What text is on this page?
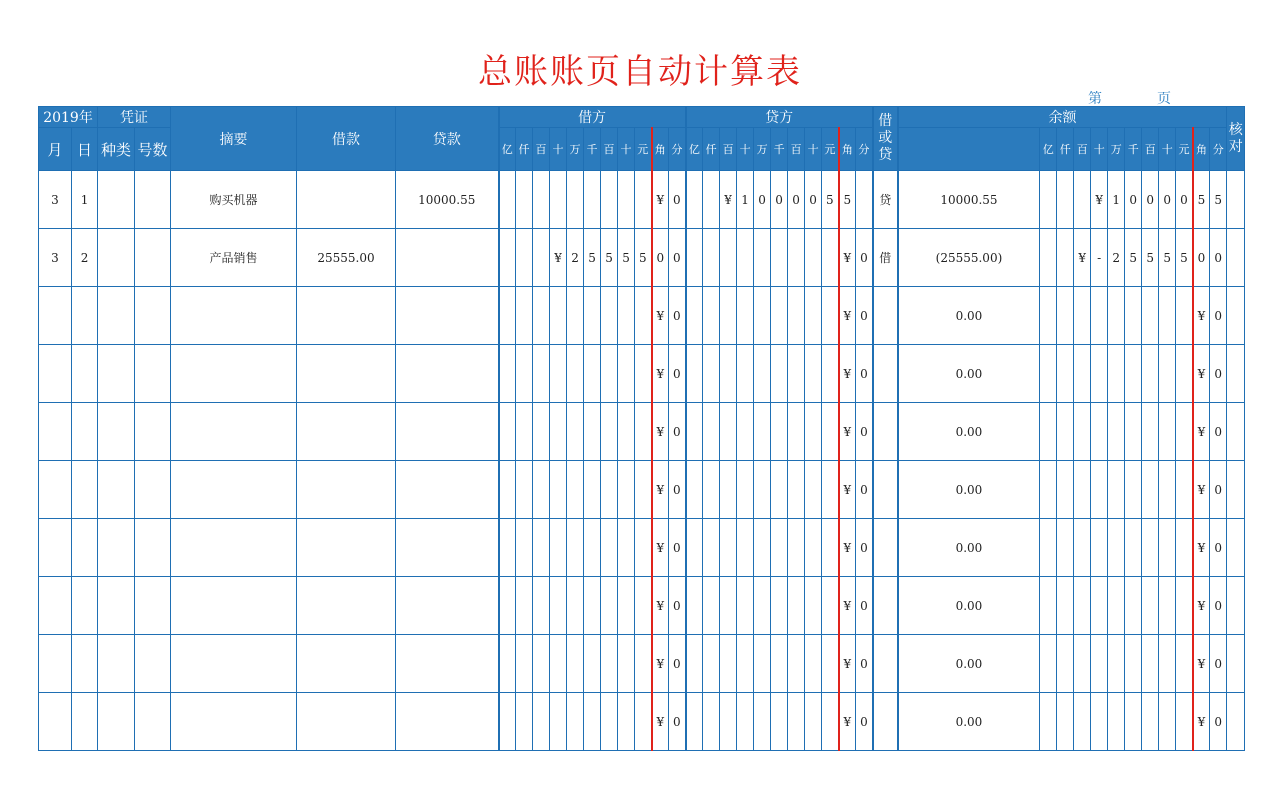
总账账页自动计算表
第	页
2019年		凭证		摘要	借款	贷款	借方											贷方											借或贷	余额												核对
月	日	种类	号数				亿	仟	百	十	万	千	百	十	元	角	分	亿	仟	百	十	万	千	百	十	元	角	分			亿	仟	百	十	万	千	百	十	元	角	分	
3	1			购买机器		10000.55										¥	0			¥	1	0	0	0	0	5	5		贷	10000.55				¥	1	0	0	0	0	5	5	
3	2			产品销售	25555.00					¥	2	5	5	5	5	0	0										¥	0	借	(25555.00)			¥	-	2	5	5	5	5	0	0	
																¥	0										¥	0		0.00										¥	0	
																¥	0										¥	0		0.00										¥	0	
																¥	0										¥	0		0.00										¥	0	
																¥	0										¥	0		0.00										¥	0	
																¥	0										¥	0		0.00										¥	0	
																¥	0										¥	0		0.00										¥	0	
																¥	0										¥	0		0.00										¥	0	
																¥	0										¥	0		0.00										¥	0	
